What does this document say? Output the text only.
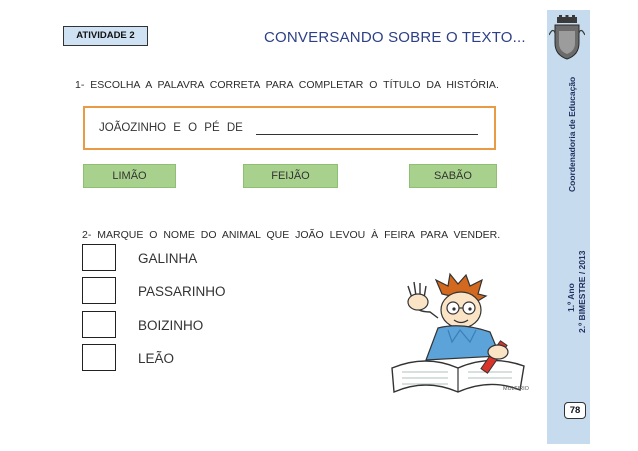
ATIVIDADE 2	CONVERSANDO SOBRE O TEXTO...
1- ESCOLHA A PALAVRA CORRETA PARA COMPLETAR O TÍTULO DA HISTÓRIA.
JOÃOZINHO E O PÉ DE
LIMÃO	FEIJÃO	SABÃO
2- MARQUE O NOME DO ANIMAL QUE JOÃO LEVOU À FEIRA PARA VENDER.
GALINHA
PASSARINHO
BOIZINHO
LEÃO
MULTIRIO
Coordenadoria de Educação
1.º Ano 2.º BIMESTRE / 2013
78
